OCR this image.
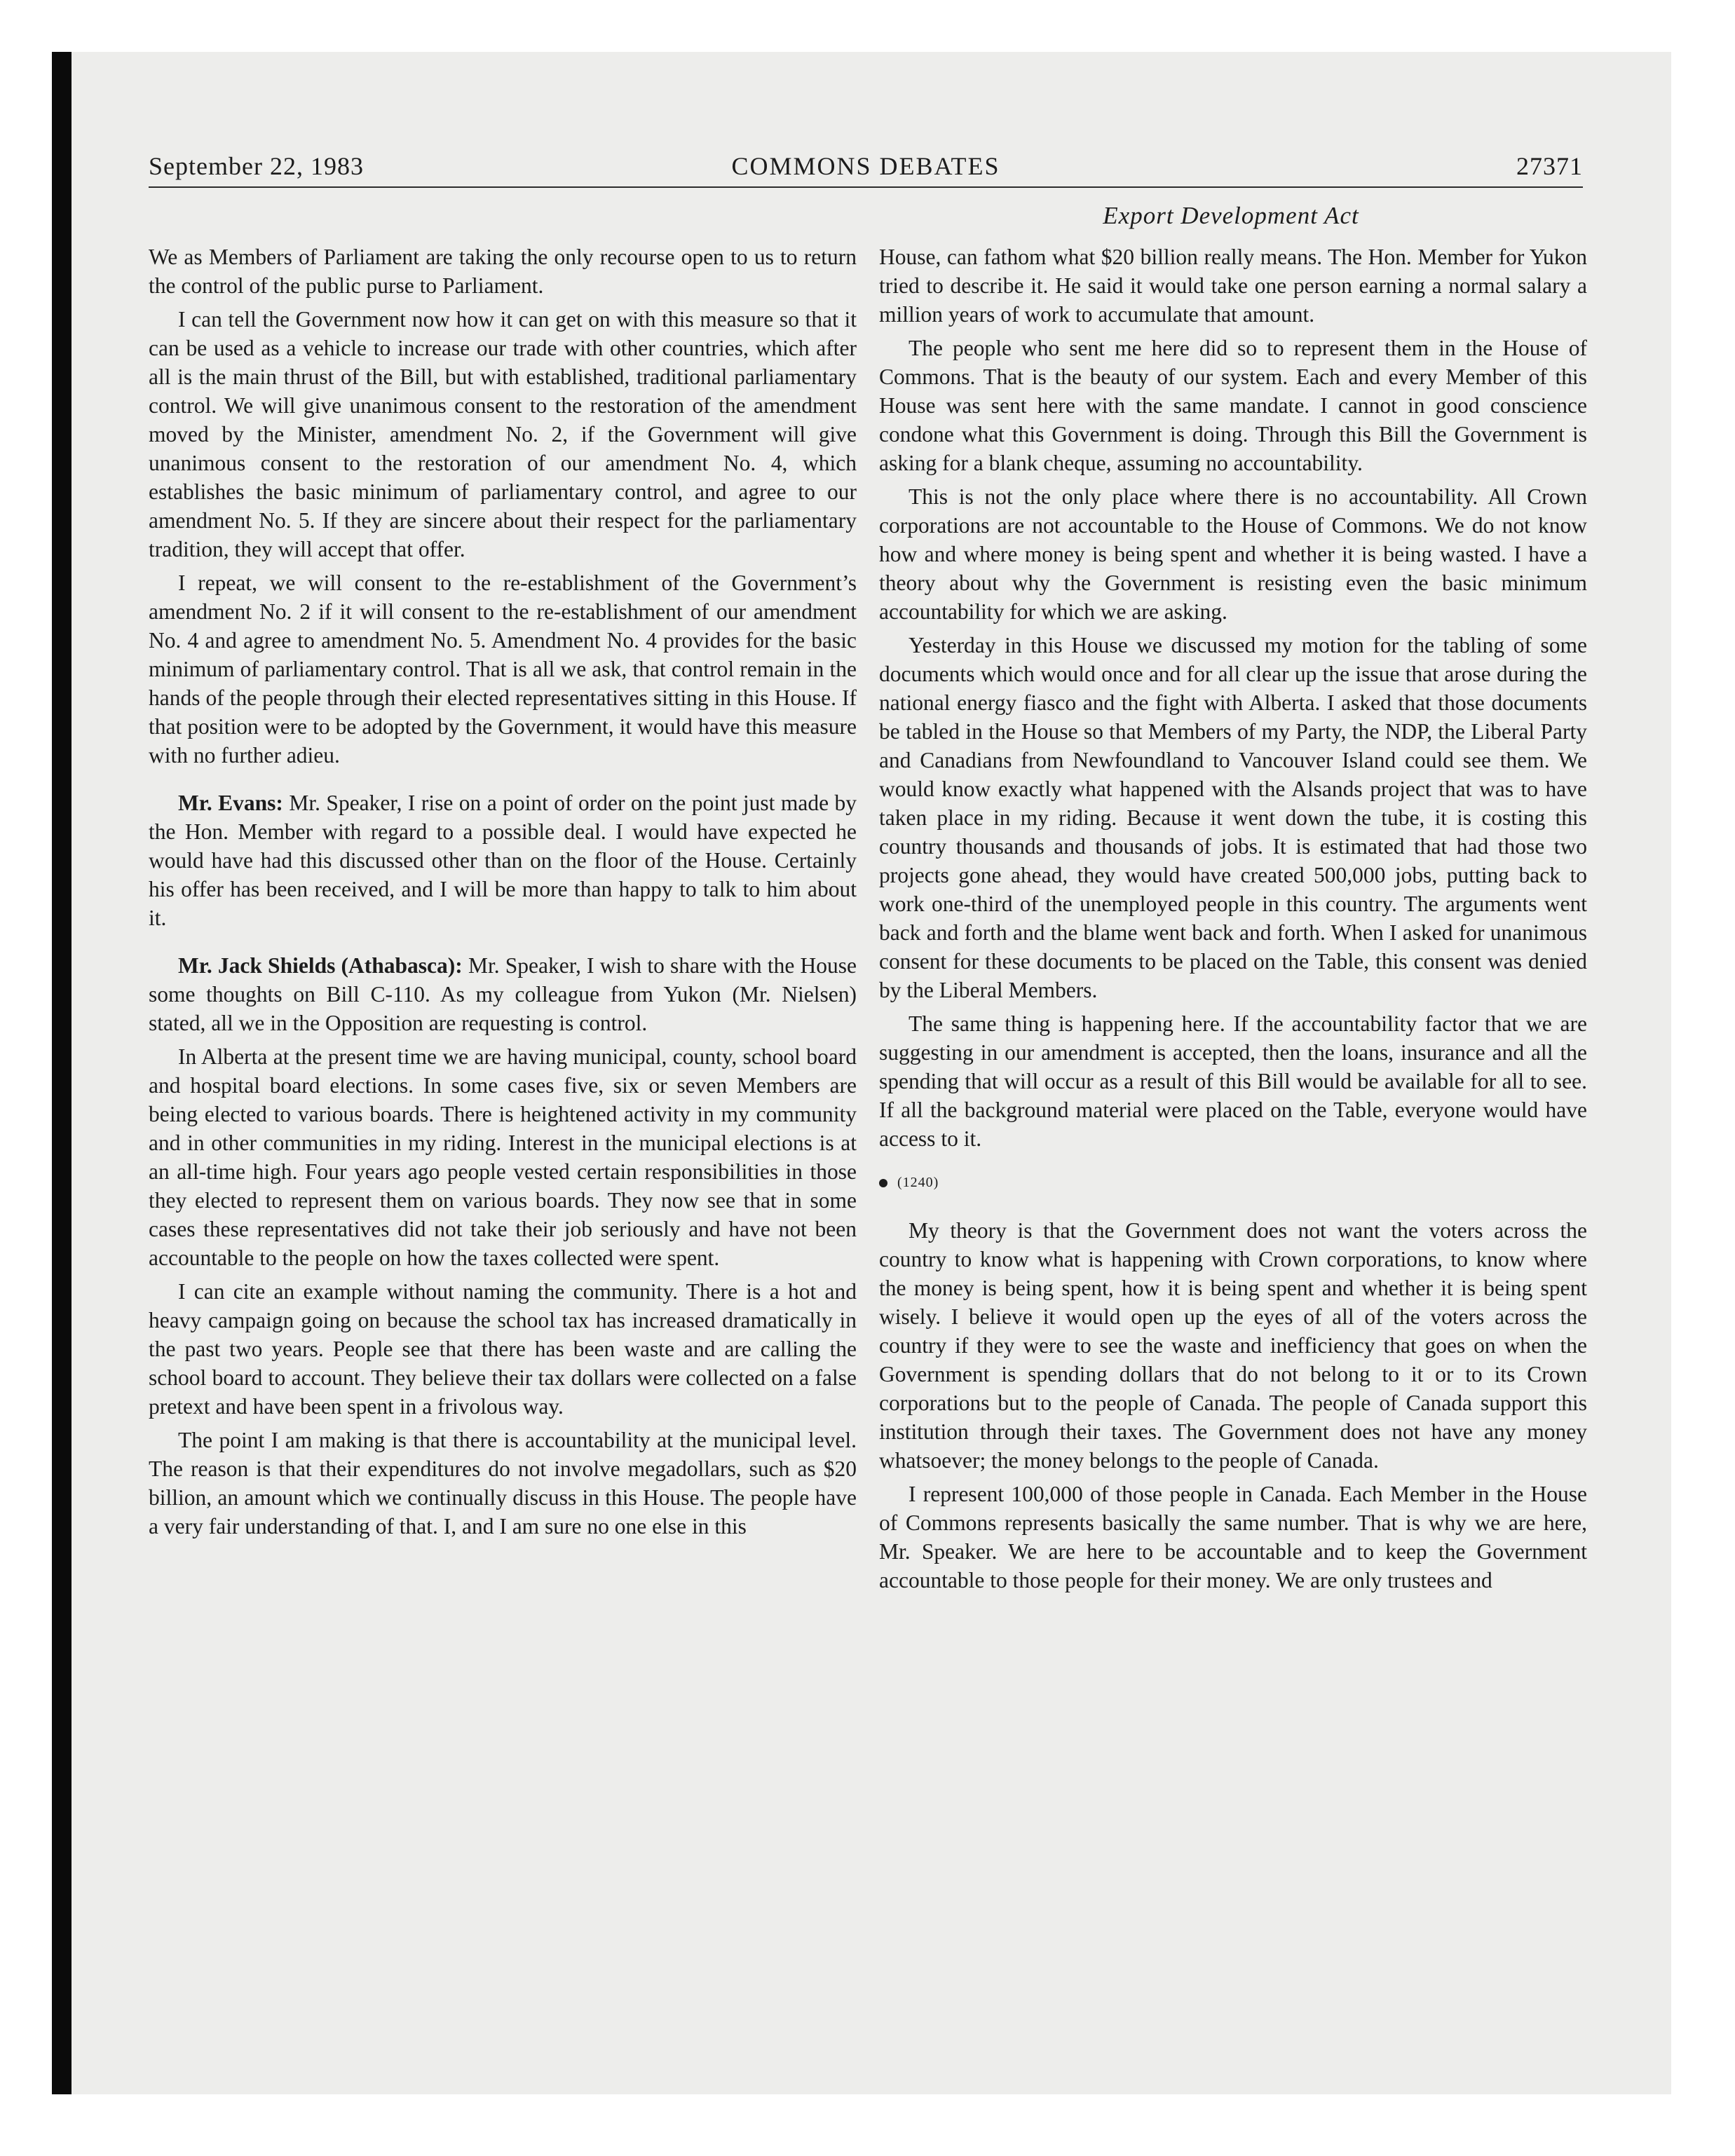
September 22, 1983	COMMONS DEBATES	27371
Export Development Act

We as Members of Parliament are taking the only recourse open to us to return the control of the public purse to Parliament.

I can tell the Government now how it can get on with this measure so that it can be used as a vehicle to increase our trade with other countries, which after all is the main thrust of the Bill, but with established, traditional parliamentary control. We will give unanimous consent to the restoration of the amendment moved by the Minister, amendment No. 2, if the Government will give unanimous consent to the restoration of our amendment No. 4, which establishes the basic minimum of parliamentary control, and agree to our amendment No. 5. If they are sincere about their respect for the parliamentary tradition, they will accept that offer.

I repeat, we will consent to the re-establishment of the Government’s amendment No. 2 if it will consent to the re-establishment of our amendment No. 4 and agree to amendment No. 5. Amendment No. 4 provides for the basic minimum of parliamentary control. That is all we ask, that control remain in the hands of the people through their elected representatives sitting in this House. If that position were to be adopted by the Government, it would have this measure with no further adieu.

Mr. Evans: Mr. Speaker, I rise on a point of order on the point just made by the Hon. Member with regard to a possible deal. I would have expected he would have had this discussed other than on the floor of the House. Certainly his offer has been received, and I will be more than happy to talk to him about it.

Mr. Jack Shields (Athabasca): Mr. Speaker, I wish to share with the House some thoughts on Bill C-110. As my colleague from Yukon (Mr. Nielsen) stated, all we in the Opposition are requesting is control.

In Alberta at the present time we are having municipal, county, school board and hospital board elections. In some cases five, six or seven Members are being elected to various boards. There is heightened activity in my community and in other communities in my riding. Interest in the municipal elections is at an all-time high. Four years ago people vested certain responsibilities in those they elected to represent them on various boards. They now see that in some cases these representatives did not take their job seriously and have not been accountable to the people on how the taxes collected were spent.

I can cite an example without naming the community. There is a hot and heavy campaign going on because the school tax has increased dramatically in the past two years. People see that there has been waste and are calling the school board to account. They believe their tax dollars were collected on a false pretext and have been spent in a frivolous way.

The point I am making is that there is accountability at the municipal level. The reason is that their expenditures do not involve megadollars, such as $20 billion, an amount which we continually discuss in this House. The people have a very fair understanding of that. I, and I am sure no one else in this

House, can fathom what $20 billion really means. The Hon. Member for Yukon tried to describe it. He said it would take one person earning a normal salary a million years of work to accumulate that amount.

The people who sent me here did so to represent them in the House of Commons. That is the beauty of our system. Each and every Member of this House was sent here with the same mandate. I cannot in good conscience condone what this Government is doing. Through this Bill the Government is asking for a blank cheque, assuming no accountability.

This is not the only place where there is no accountability. All Crown corporations are not accountable to the House of Commons. We do not know how and where money is being spent and whether it is being wasted. I have a theory about why the Government is resisting even the basic minimum accountability for which we are asking.

Yesterday in this House we discussed my motion for the tabling of some documents which would once and for all clear up the issue that arose during the national energy fiasco and the fight with Alberta. I asked that those documents be tabled in the House so that Members of my Party, the NDP, the Liberal Party and Canadians from Newfoundland to Vancouver Island could see them. We would know exactly what happened with the Alsands project that was to have taken place in my riding. Because it went down the tube, it is costing this country thousands and thousands of jobs. It is estimated that had those two projects gone ahead, they would have created 500,000 jobs, putting back to work one-third of the unemployed people in this country. The arguments went back and forth and the blame went back and forth. When I asked for unanimous consent for these documents to be placed on the Table, this consent was denied by the Liberal Members.

The same thing is happening here. If the accountability factor that we are suggesting in our amendment is accepted, then the loans, insurance and all the spending that will occur as a result of this Bill would be available for all to see. If all the background material were placed on the Table, everyone would have access to it.

(1240)

My theory is that the Government does not want the voters across the country to know what is happening with Crown corporations, to know where the money is being spent, how it is being spent and whether it is being spent wisely. I believe it would open up the eyes of all of the voters across the country if they were to see the waste and inefficiency that goes on when the Government is spending dollars that do not belong to it or to its Crown corporations but to the people of Canada. The people of Canada support this institution through their taxes. The Government does not have any money whatsoever; the money belongs to the people of Canada.

I represent 100,000 of those people in Canada. Each Member in the House of Commons represents basically the same number. That is why we are here, Mr. Speaker. We are here to be accountable and to keep the Government accountable to those people for their money. We are only trustees and
